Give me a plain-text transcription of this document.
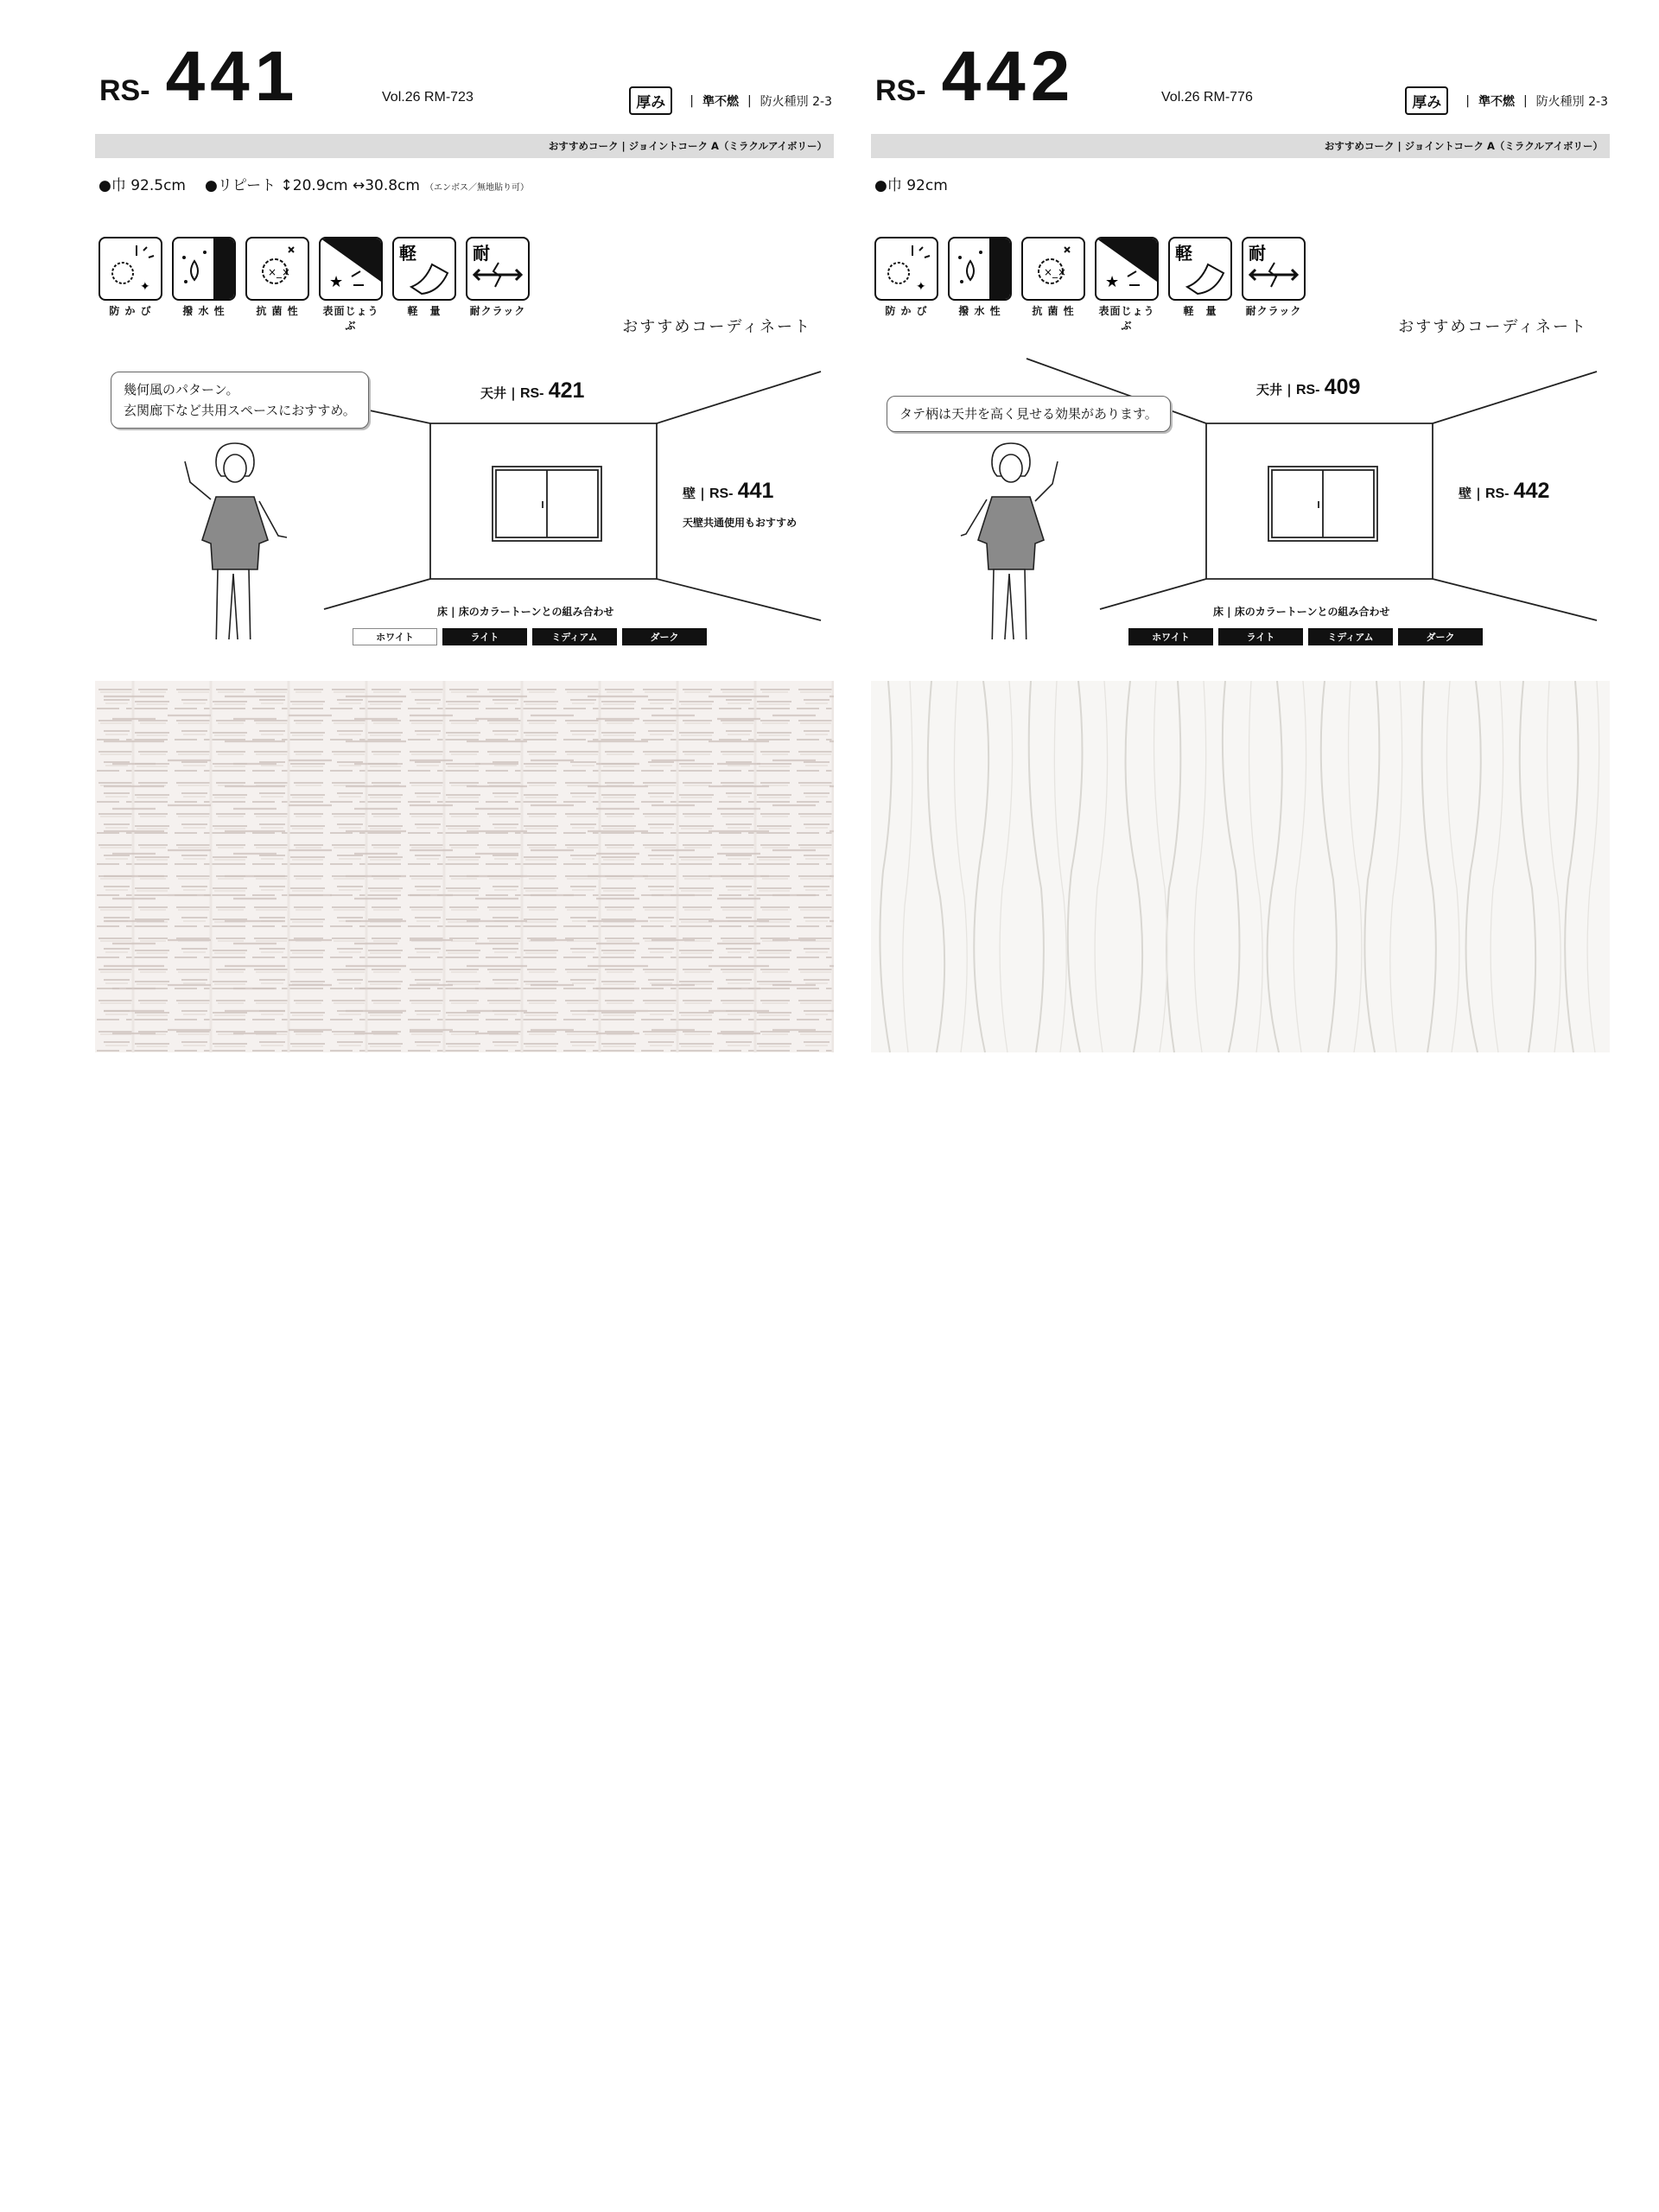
RS- 441	Vol.26 RM-723	厚み	| 準不燃 | 防火種別 2-3
おすすめコーク | ジョイントコーク A（ミラクルアイボリー）
●巾 92.5cm ●リピート ↕20.9cm ↔30.8cm （エンボス／無地貼り可）
✦
防 か び	撥 水 性
×_×
抗 菌 性
★
表面じょうぶ
軽
軽　量
耐
耐クラック
おすすめコーディネート
幾何風のパターン。
玄関廊下など共用スペースにおすすめ。
天井 | RS- 421
壁 | RS- 441
天壁共通使用もおすすめ
床 | 床のカラートーンとの組み合わせ
ホワイト	ライト	ミディアム	ダーク
RS- 442	Vol.26 RM-776	厚み	| 準不燃 | 防火種別 2-3
おすすめコーク | ジョイントコーク A（ミラクルアイボリー）
●巾 92cm
✦
防 か び	撥 水 性
×_×
抗 菌 性
★
表面じょうぶ
軽
軽　量
耐
耐クラック
おすすめコーディネート
タテ柄は天井を高く見せる効果があります。
天井 | RS- 409
壁 | RS- 442
床 | 床のカラートーンとの組み合わせ
ホワイト	ライト	ミディアム	ダーク
